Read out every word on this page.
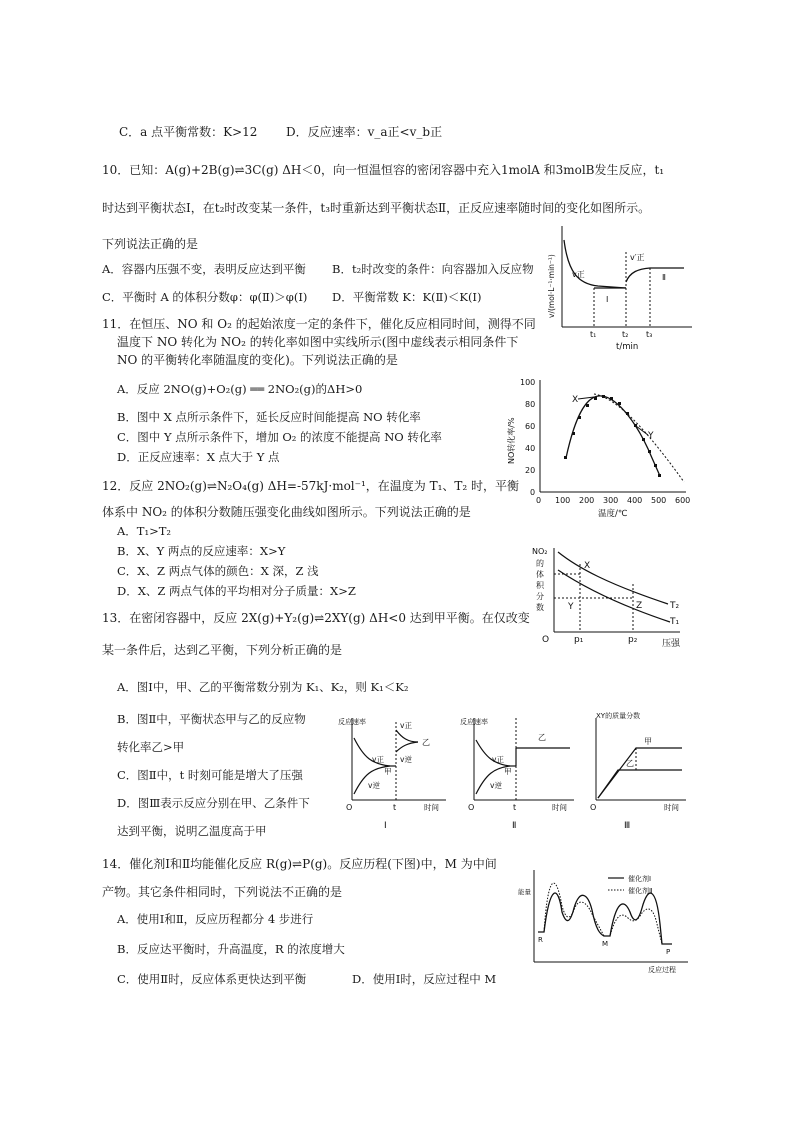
C．a 点平衡常数：K>12 D．反应速率：v_a正<v_b正
10．已知：A(g)+2B(g)⇌3C(g) ΔH＜0，向一恒温恒容的密闭容器中充入1molA 和3molB发生反应，t₁
时达到平衡状态Ⅰ，在t₂时改变某一条件，t₃时重新达到平衡状态Ⅱ，正反应速率随时间的变化如图所示。
下列说法正确的是
A．容器内压强不变，表明反应达到平衡 B．t₂时改变的条件：向容器加入反应物
C．平衡时 A 的体积分数φ：φ(Ⅱ)＞φ(Ⅰ) D．平衡常数 K：K(Ⅱ)＜K(Ⅰ)
v正
v′正
Ⅰ
Ⅱ
t₁	t₂ t₃
t/min
v/(mol·L⁻¹·min⁻¹)
11．在恒压、NO 和 O₂ 的起始浓度一定的条件下，催化反应相同时间，测得不同
温度下 NO 转化为 NO₂ 的转化率如图中实线所示(图中虚线表示相同条件下
NO 的平衡转化率随温度的变化)。下列说法正确的是
A．反应 2NO(g)+O₂(g) ══ 2NO₂(g)的ΔH>0
B．图中 X 点所示条件下，延长反应时间能提高 NO 转化率
C．图中 Y 点所示条件下，增加 O₂ 的浓度不能提高 NO 转化率
D．正反应速率：X 点大于 Y 点
0
20
40
60
80
100
0 100 200 300 400 500 600
X
Y
温度/℃
NO转化率/%
12．反应 2NO₂(g)⇌N₂O₄(g) ΔH=-57kJ·mol⁻¹，在温度为 T₁、T₂ 时，平衡
体系中 NO₂ 的体积分数随压强变化曲线如图所示。下列说法正确的是
A．T₁>T₂
B．X、Y 两点的反应速率：X>Y
C．X、Z 两点气体的颜色：X 深，Z 浅
D．X、Z 两点气体的平均相对分子质量：X>Z
NO₂
的
体
积
分
数
X
Y	Z	T₂
T₁
O	p₁	p₂	压强
13．在密闭容器中，反应 2X(g)+Y₂(g)⇌2XY(g) ΔH<0 达到甲平衡。在仅改变
某一条件后，达到乙平衡，下列分析正确的是
A．图Ⅰ中，甲、乙的平衡常数分别为 K₁、K₂，则 K₁＜K₂
B．图Ⅱ中，平衡状态甲与乙的反应物
转化率乙>甲
C．图Ⅱ中，t 时刻可能是增大了压强
D．图Ⅲ表示反应分别在甲、乙条件下
达到平衡，说明乙温度高于甲
v正
v逆
甲
v正
v逆
乙
反应速率
O	t	时间
Ⅰ
v正
v逆
甲
乙
反应速率
O	t	时间
Ⅱ
XY的质量分数
甲
乙
O	时间
Ⅲ
14．催化剂Ⅰ和Ⅱ均能催化反应 R(g)⇌P(g)。反应历程(下图)中，M 为中间
产物。其它条件相同时，下列说法不正确的是
A．使用Ⅰ和Ⅱ，反应历程都分 4 步进行
B．反应达平衡时，升高温度，R 的浓度增大
C．使用Ⅱ时，反应体系更快达到平衡	D．使用Ⅰ时，反应过程中 M
能量
催化剂Ⅰ
催化剂Ⅱ
R	M
P
反应过程
